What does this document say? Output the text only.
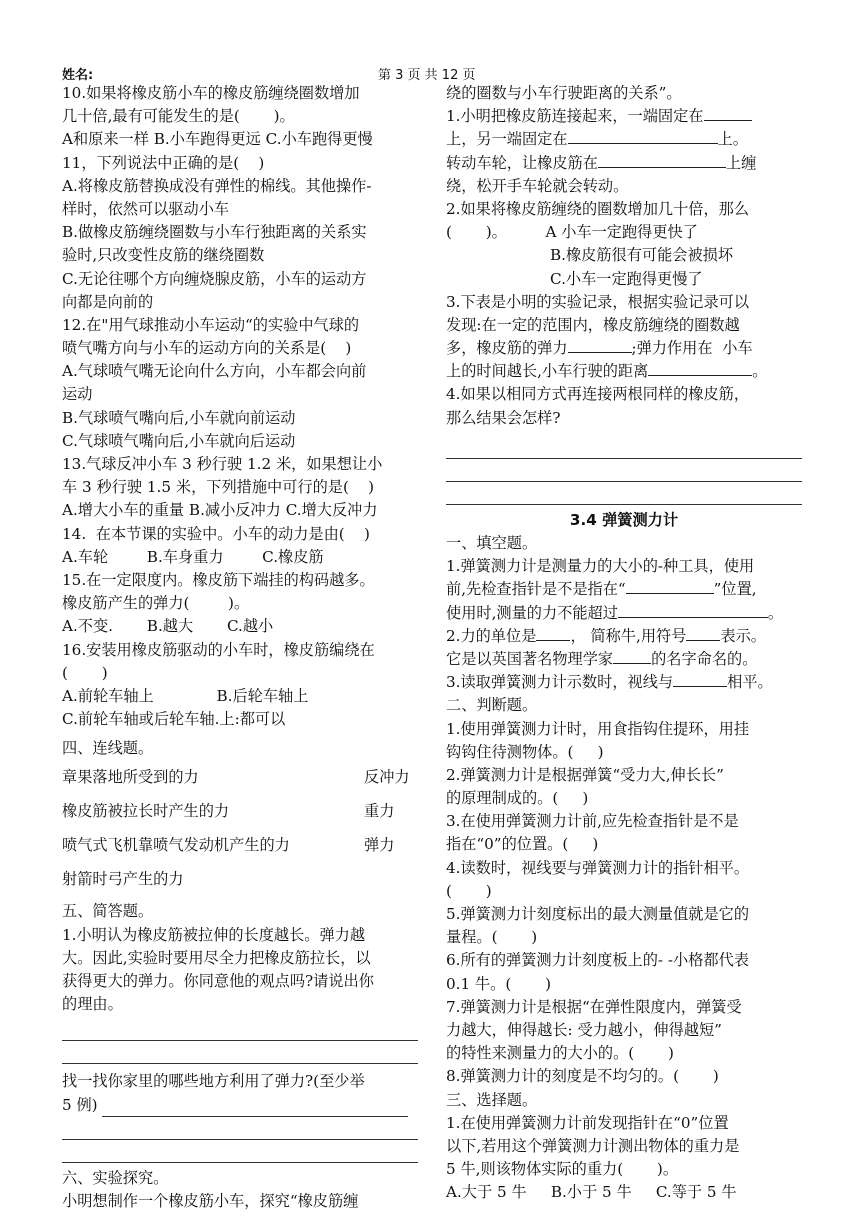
姓名:	第 3 页 共 12 页
10.如果将橡皮筋小车的橡皮筋缠绕圈数增加
几十倍,最有可能发生的是(       )。
A和原来一样 B.小车跑得更远 C.小车跑得更慢
11，下列说法中正确的是(    )
A.将橡皮筋替换成没有弹性的棉线。其他操作-
样时，依然可以驱动小车
B.做橡皮筋缠绕圈数与小车行独距离的关系实
验时,只改变性皮筋的继绕圈数
C.无论往哪个方向缠烧腺皮筋，小车的运动方
向都是向前的
12.在"用气球推动小车运动“的实验中气球的
喷气嘴方向与小车的运动方向的关系是(    )
A.气球喷气嘴无论向什么方向，小车都会向前
运动
B.气球喷气嘴向后,小车就向前运动
C.气球喷气嘴向后,小车就向后运动
13.气球反冲小车 3 秒行驶 1.2 米，如果想让小
车 3 秒行驶 1.5 米，下列措施中可行的是(    )
A.增大小车的重量 B.减小反冲力 C.增大反冲力
14.  在本节课的实验中。小车的动力是由(    )
A.车轮        B.车身重力        C.橡皮筋
15.在一定限度内。橡皮筋下端挂的构码越多。
橡皮筋产生的弹力(        )。
A.不变.       B.越大       C.越小
16.安装用橡皮筋驱动的小车时，橡皮筋编绕在
(       )
A.前轮车轴上             B.后轮车轴上
C.前轮车轴或后轮车轴.上:都可以
四、连线题。
章果落地所受到的力	反冲力
橡皮筋被拉长时产生的力	重力
喷气式飞机靠喷气发动机产生的力	弹力
射箭时弓产生的力
五、简答题。
1.小明认为橡皮筋被拉伸的长度越长。弹力越
大。因此,实验时要用尽全力把橡皮筋拉长，以
获得更大的弹力。你同意他的观点吗?请说出你
的理由。
找一找你家里的哪些地方利用了弹力?(至少举
5 例)
六、实验探究。
小明想制作一个橡皮筋小车，探究“橡皮筋缠
绕的圈数与小车行驶距离的关系”。
1.小明把橡皮筋连接起来，一端固定在
上，另一端固定在	上。
转动车轮，让橡皮筋在	上缠
绕，松开手车轮就会转动。
2.如果将橡皮筋缠绕的圈数增加几十倍，那么
(       )。        A 小车一定跑得更快了
B.橡皮筋很有可能会被损坏
C.小车一定跑得更慢了
3.下表是小明的实验记录，根据实验记录可以
发现:在一定的范围内，橡皮筋缠绕的圈数越
多，橡皮筋的弹力	;弹力作用在  小车
上的时间越长,小车行驶的距离	。
4.如果以相同方式再连接两根同样的橡皮筋，
那么结果会怎样?
3.4 弹簧测力计
一、填空题。
1.弹簧测力计是测量力的大小的-种工具，使用
前,先检查指针是不是指在“	”位置,
使用时,测量的力不能超过	。
2.力的单位是 ， 简称牛,用符号 表示。
它是以英国著名物理学家	的名字命名的。
3.读取弹簧测力计示数时，视线与	相平。
二、判断题。
1.使用弹簧测力计时，用食指钩住提环，用挂
钩钩住待测物体。(     )
2.弹簧测力计是根据弹簧“受力大,伸长长”
的原理制成的。(     )
3.在使用弹簧测力计前,应先检查指针是不是
指在“0”的位置。(     )
4.读数时，视线要与弹簧测力计的指针相平。
(       )
5.弹簧测力计刻度标出的最大测量值就是它的
量程。(       )
6.所有的弹簧测力计刻度板上的- -小格都代表
0.1 牛。(       )
7.弹簧测力计是根据“在弹性限度内，弹簧受
力越大，伸得越长: 受力越小，伸得越短”
的特性来测量力的大小的。(       )
8.弹簧测力计的刻度是不均匀的。(       )
三、选择题。
1.在使用弹簧测力计前发现指针在“0”位置
以下,若用这个弹簧测力计测出物体的重力是
5 牛,则该物体实际的重力(       )。
A.大于 5 牛     B.小于 5 牛     C.等于 5 牛
